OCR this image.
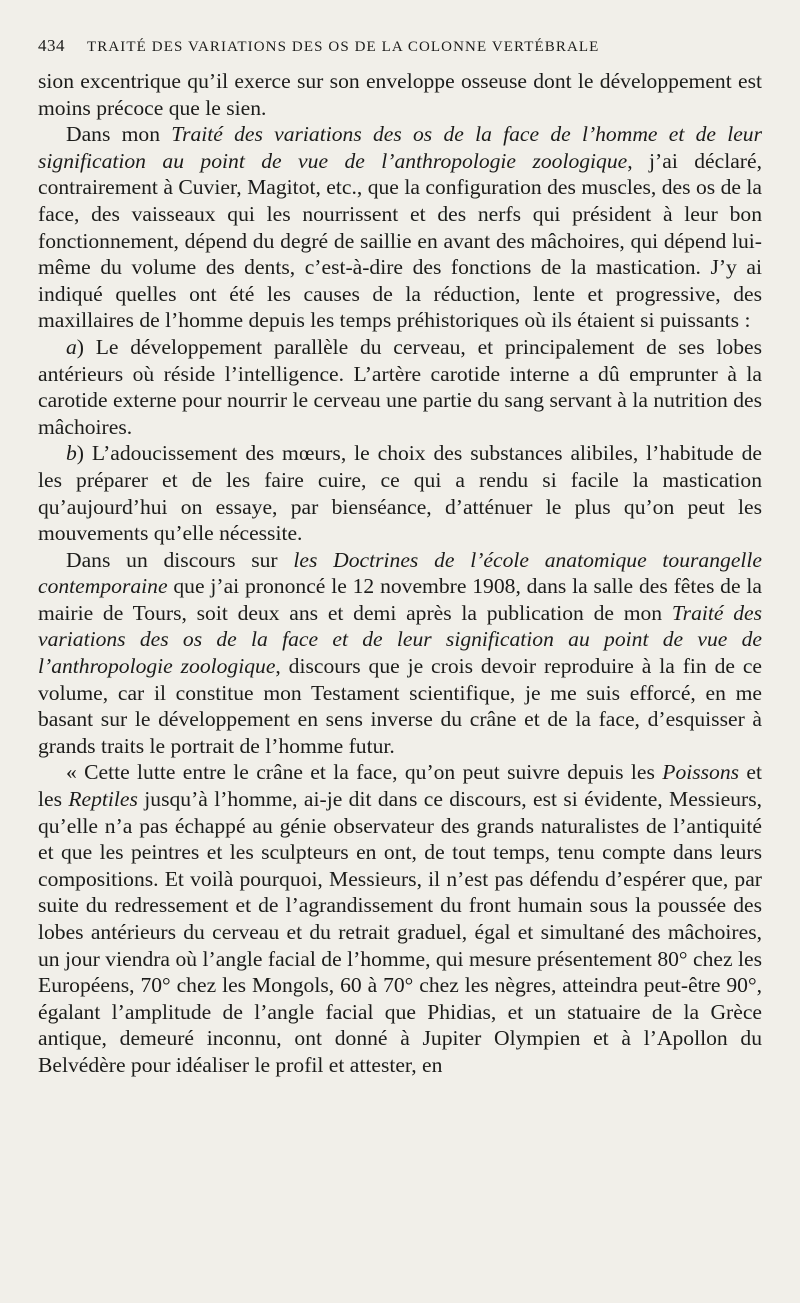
434 TRAITÉ DES VARIATIONS DES OS DE LA COLONNE VERTÉBRALE

sion excentrique qu’il exerce sur son enveloppe osseuse dont le développement est moins précoce que le sien.

Dans mon Traité des variations des os de la face de l’homme et de leur signification au point de vue de l’anthropologie zoologique, j’ai déclaré, contrairement à Cuvier, Magitot, etc., que la configuration des muscles, des os de la face, des vaisseaux qui les nourrissent et des nerfs qui président à leur bon fonctionnement, dépend du degré de saillie en avant des mâchoires, qui dépend lui-même du volume des dents, c’est-à-dire des fonctions de la mastication. J’y ai indiqué quelles ont été les causes de la réduction, lente et progressive, des maxillaires de l’homme depuis les temps préhistoriques où ils étaient si puissants :

a) Le développement parallèle du cerveau, et principalement de ses lobes antérieurs où réside l’intelligence. L’artère carotide interne a dû emprunter à la carotide externe pour nourrir le cerveau une partie du sang servant à la nutrition des mâchoires.

b) L’adoucissement des mœurs, le choix des substances alibiles, l’habitude de les préparer et de les faire cuire, ce qui a rendu si facile la mastication qu’aujourd’hui on essaye, par bienséance, d’atténuer le plus qu’on peut les mouvements qu’elle nécessite.

Dans un discours sur les Doctrines de l’école anatomique tourangelle contemporaine que j’ai prononcé le 12 novembre 1908, dans la salle des fêtes de la mairie de Tours, soit deux ans et demi après la publication de mon Traité des variations des os de la face et de leur signification au point de vue de l’anthropologie zoologique, discours que je crois devoir reproduire à la fin de ce volume, car il constitue mon Testament scientifique, je me suis efforcé, en me basant sur le développement en sens inverse du crâne et de la face, d’esquisser à grands traits le portrait de l’homme futur.

« Cette lutte entre le crâne et la face, qu’on peut suivre depuis les Poissons et les Reptiles jusqu’à l’homme, ai-je dit dans ce discours, est si évidente, Messieurs, qu’elle n’a pas échappé au génie observateur des grands naturalistes de l’antiquité et que les peintres et les sculpteurs en ont, de tout temps, tenu compte dans leurs compositions. Et voilà pourquoi, Messieurs, il n’est pas défendu d’espérer que, par suite du redressement et de l’agrandissement du front humain sous la poussée des lobes antérieurs du cerveau et du retrait graduel, égal et simultané des mâchoires, un jour viendra où l’angle facial de l’homme, qui mesure présentement 80° chez les Européens, 70° chez les Mongols, 60 à 70° chez les nègres, atteindra peut-être 90°, égalant l’amplitude de l’angle facial que Phidias, et un statuaire de la Grèce antique, demeuré inconnu, ont donné à Jupiter Olympien et à l’Apollon du Belvédère pour idéaliser le profil et attester, en
